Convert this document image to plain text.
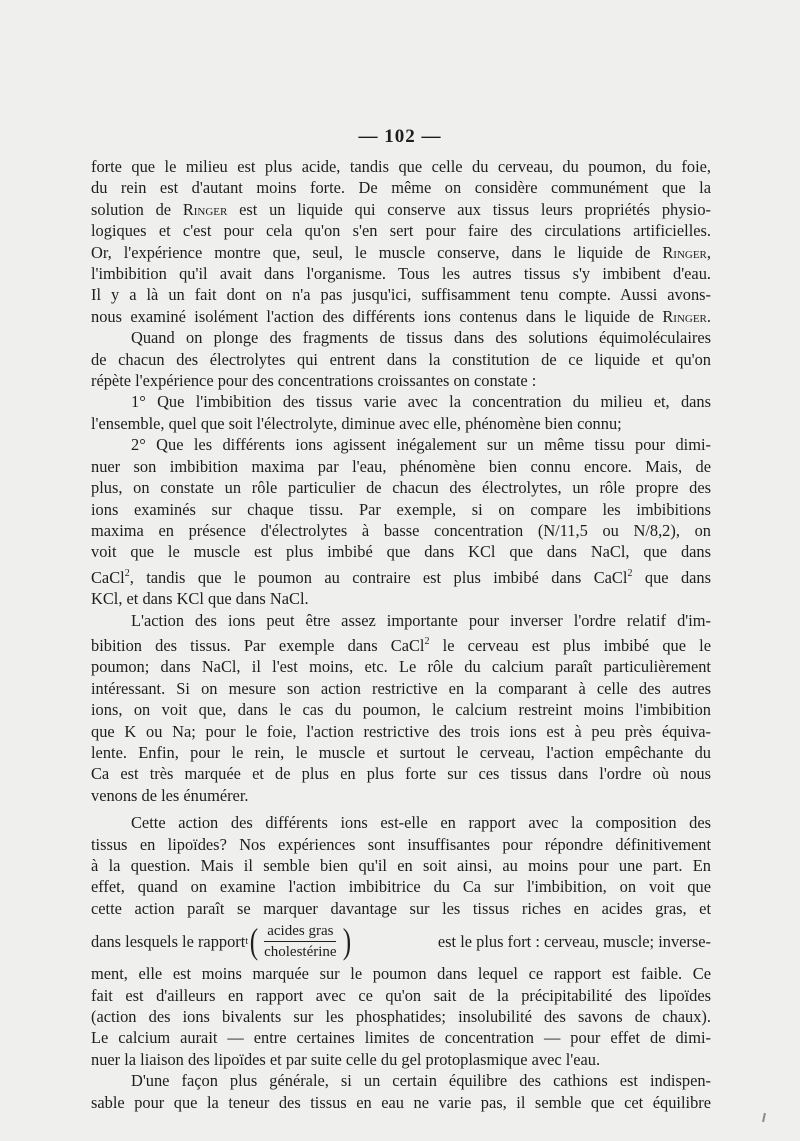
— 102 —

forte que le milieu est plus acide, tandis que celle du cerveau, du poumon, du foie,

du rein est d'autant moins forte. De même on considère communément que la

solution de Ringer est un liquide qui conserve aux tissus leurs propriétés physio-

logiques et c'est pour cela qu'on s'en sert pour faire des circulations artificielles.

Or, l'expérience montre que, seul, le muscle conserve, dans le liquide de Ringer,

l'imbibition qu'il avait dans l'organisme. Tous les autres tissus s'y imbibent d'eau.

Il y a là un fait dont on n'a pas jusqu'ici, suffisamment tenu compte. Aussi avons-

nous examiné isolément l'action des différents ions contenus dans le liquide de Ringer.

Quand on plonge des fragments de tissus dans des solutions équimoléculaires

de chacun des électrolytes qui entrent dans la constitution de ce liquide et qu'on

répète l'expérience pour des concentrations croissantes on constate :

1° Que l'imbibition des tissus varie avec la concentration du milieu et, dans

l'ensemble, quel que soit l'électrolyte, diminue avec elle, phénomène bien connu;

2° Que les différents ions agissent inégalement sur un même tissu pour dimi-

nuer son imbibition maxima par l'eau, phénomène bien connu encore. Mais, de

plus, on constate un rôle particulier de chacun des électrolytes, un rôle propre des

ions examinés sur chaque tissu. Par exemple, si on compare les imbibitions

maxima en présence d'électrolytes à basse concentration (N/11,5 ou N/8,2), on

voit que le muscle est plus imbibé que dans KCl que dans NaCl, que dans

CaCl$^2$, tandis que le poumon au contraire est plus imbibé dans CaCl$^2$ que dans

KCl, et dans KCl que dans NaCl.

L'action des ions peut être assez importante pour inverser l'ordre relatif d'im-

bibition des tissus. Par exemple dans CaCl$^2$ le cerveau est plus imbibé que le

poumon; dans NaCl, il l'est moins, etc. Le rôle du calcium paraît particulièrement

intéressant. Si on mesure son action restrictive en la comparant à celle des autres

ions, on voit que, dans le cas du poumon, le calcium restreint moins l'imbibition

que K ou Na; pour le foie, l'action restrictive des trois ions est à peu près équiva-

lente. Enfin, pour le rein, le muscle et surtout le cerveau, l'action empêchante du

Ca est très marquée et de plus en plus forte sur ces tissus dans l'ordre où nous

venons de les énumérer.

Cette action des différents ions est-elle en rapport avec la composition des

tissus en lipoïdes? Nos expériences sont insuffisantes pour répondre définitivement

à la question. Mais il semble bien qu'il en soit ainsi, au moins pour une part. En

effet, quand on examine l'action imbibitrice du Ca sur l'imbibition, on voit que

cette action paraît se marquer davantage sur les tissus riches en acides gras, et

dans lesquels le rapport t ( $\frac{\text{acides gras}}{\text{cholestérine}}$ )	est le plus fort : cerveau, muscle; inverse-

ment, elle est moins marquée sur le poumon dans lequel ce rapport est faible. Ce

fait est d'ailleurs en rapport avec ce qu'on sait de la précipitabilité des lipoïdes

(action des ions bivalents sur les phosphatides; insolubilité des savons de chaux).

Le calcium aurait — entre certaines limites de concentration — pour effet de dimi-

nuer la liaison des lipoïdes et par suite celle du gel protoplasmique avec l'eau.

D'une façon plus générale, si un certain équilibre des cathions est indispen-

sable pour que la teneur des tissus en eau ne varie pas, il semble que cet équilibre
